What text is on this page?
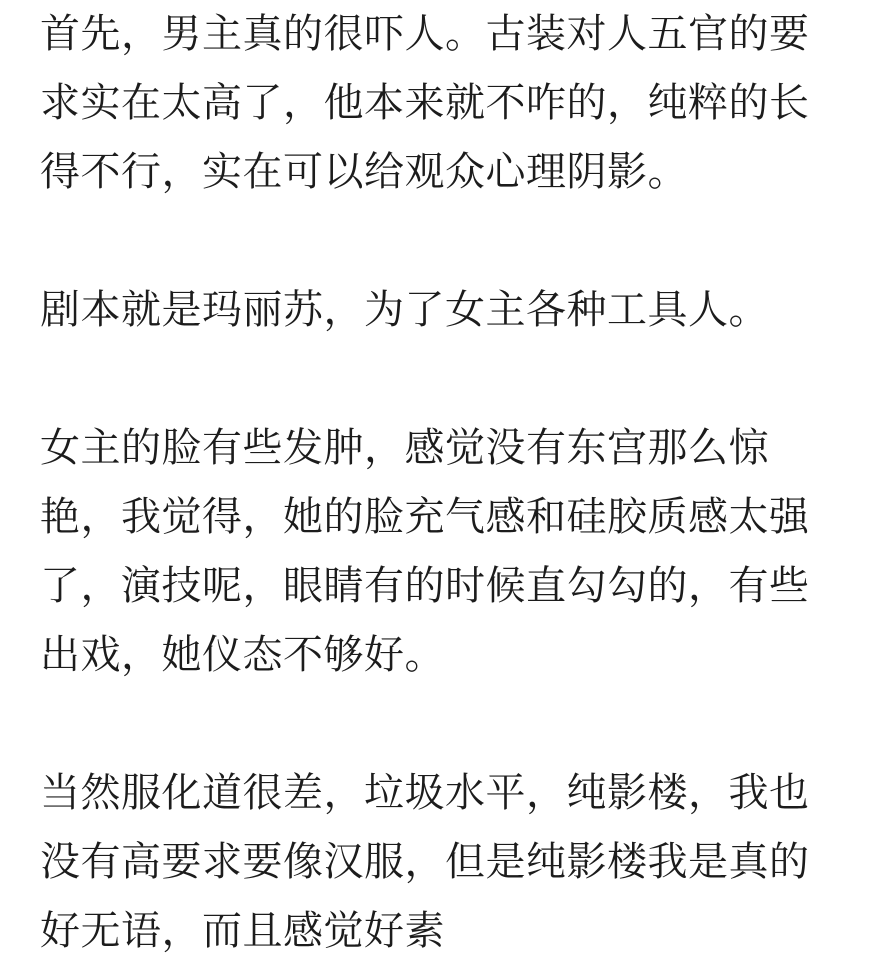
首先，男主真的很吓人。古装对人五官的要
求实在太高了，他本来就不咋的，纯粹的长
得不行，实在可以给观众心理阴影。
剧本就是玛丽苏，为了女主各种工具人。
女主的脸有些发肿，感觉没有东宫那么惊
艳，我觉得，她的脸充气感和硅胶质感太强
了，演技呢，眼睛有的时候直勾勾的，有些
出戏，她仪态不够好。
当然服化道很差，垃圾水平，纯影楼，我也
没有高要求要像汉服，但是纯影楼我是真的
好无语，而且感觉好素
